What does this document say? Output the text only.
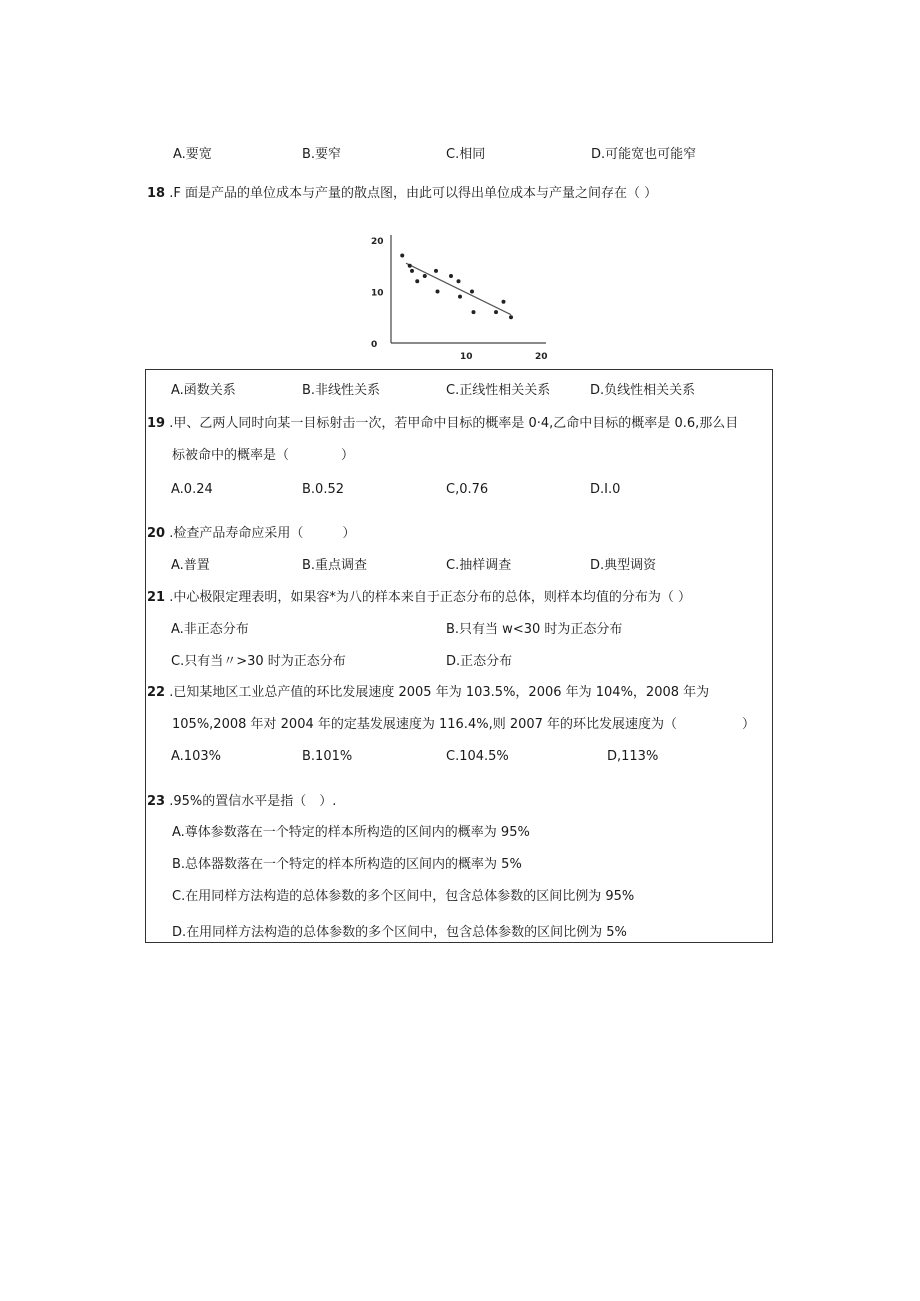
A.要宽	B.要窄	C.相同	D.可能宽也可能窄
18 .F 面是产品的单位成本与产量的散点图，由此可以得出单位成本与产量之间存在（ ）
0
10
20
10	20
A.函数关系	B.非线性关系	C.正线性相关关系	D.负线性相关关系
19 .甲、乙两人同时向某一目标射击一次，若甲命中目标的概率是 0·4,乙命中目标的概率是 0.6,那么目
标被命中的概率是（　　　　）
A.0.24	B.0.52	C,0.76	D.I.0
20 .检查产品寿命应采用（　　　）
A.普置	B.重点调查	C.抽样调查	D.典型调资
21 .中心极限定理表明，如果容*为八的样本来自于正态分布的总体，则样本均值的分布为（ ）
A.非正态分布	B.只有当 w<30 时为正态分布
C.只有当〃>30 时为正态分布	D.正态分布
22 .已知某地区工业总产值的环比发展速度 2005 年为 103.5%，2006 年为 104%，2008 年为
105%,2008 年对 2004 年的定基发展速度为 116.4%,则 2007 年的环比发展速度为（　　　　　）
A.103%	B.101%	C.104.5%	D,113%
23 .95%的置信水平是指（　）.
A.尊体参数落在一个特定的样本所构造的区间内的概率为 95%
B.总体器数落在一个特定的样本所构造的区间内的概率为 5%
C.在用同样方法构造的总体参数的多个区间中，包含总体参数的区间比例为 95%
D.在用同样方法构造的总体参数的多个区间中，包含总体参数的区间比例为 5%
